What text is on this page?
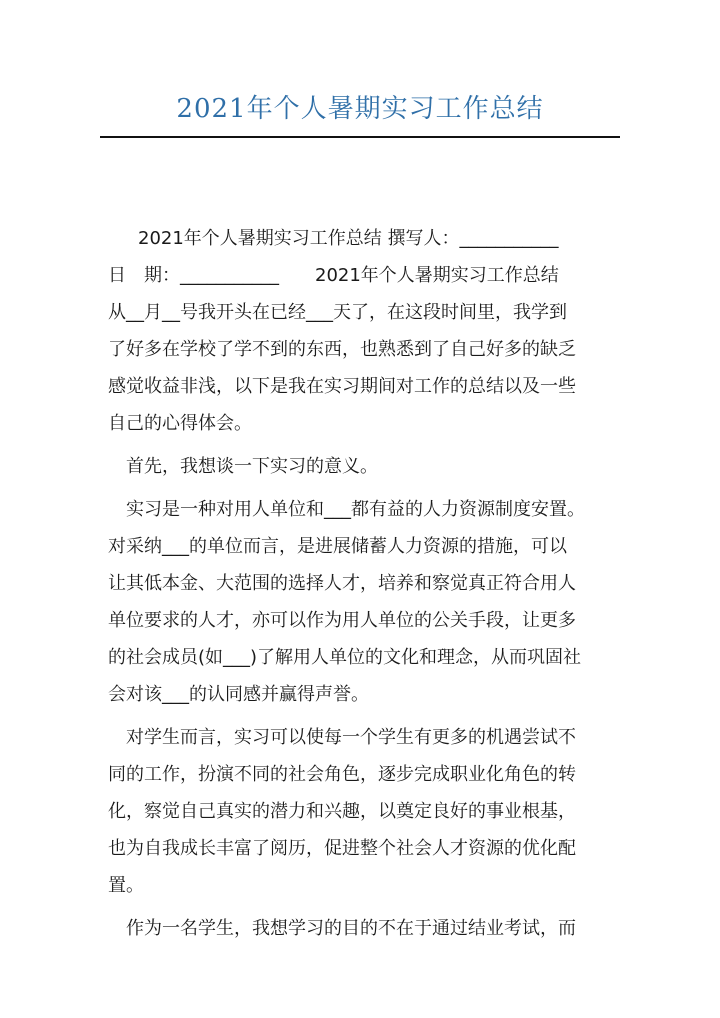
2021年个人暑期实习工作总结
2021年个人暑期实习工作总结 撰写人：___________
日　期：___________　　2021年个人暑期实习工作总结
从__月__号我开头在已经___天了，在这段时间里，我学到
了好多在学校了学不到的东西，也熟悉到了自己好多的缺乏
感觉收益非浅，以下是我在实习期间对工作的总结以及一些
自己的心得体会。
首先，我想谈一下实习的意义。
实习是一种对用人单位和___都有益的人力资源制度安置。
对采纳___的单位而言，是进展储蓄人力资源的措施，可以
让其低本金、大范围的选择人才，培养和察觉真正符合用人
单位要求的人才，亦可以作为用人单位的公关手段，让更多
的社会成员(如___)了解用人单位的文化和理念，从而巩固社
会对该___的认同感并赢得声誉。
对学生而言，实习可以使每一个学生有更多的机遇尝试不
同的工作，扮演不同的社会角色，逐步完成职业化角色的转
化，察觉自己真实的潜力和兴趣，以奠定良好的事业根基，
也为自我成长丰富了阅历，促进整个社会人才资源的优化配
置。
作为一名学生，我想学习的目的不在于通过结业考试，而
